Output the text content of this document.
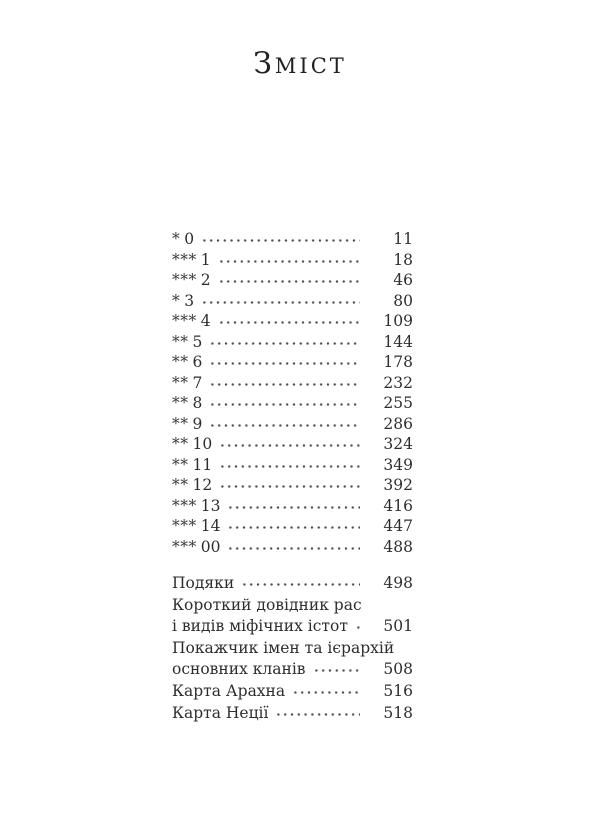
Зміст
* 0	11
*** 1	18
*** 2	46
* 3	80
*** 4	109
** 5	144
** 6	178
** 7	232
** 8	255
** 9	286
** 10	324
** 11	349
** 12	392
*** 13	416
*** 14	447
*** 00	488
Подяки	498
Короткий довідник рас
і видів міфічних істот	501
Покажчик імен та ієрархій
основних кланів	508
Карта Арахна	516
Карта Неції	518
